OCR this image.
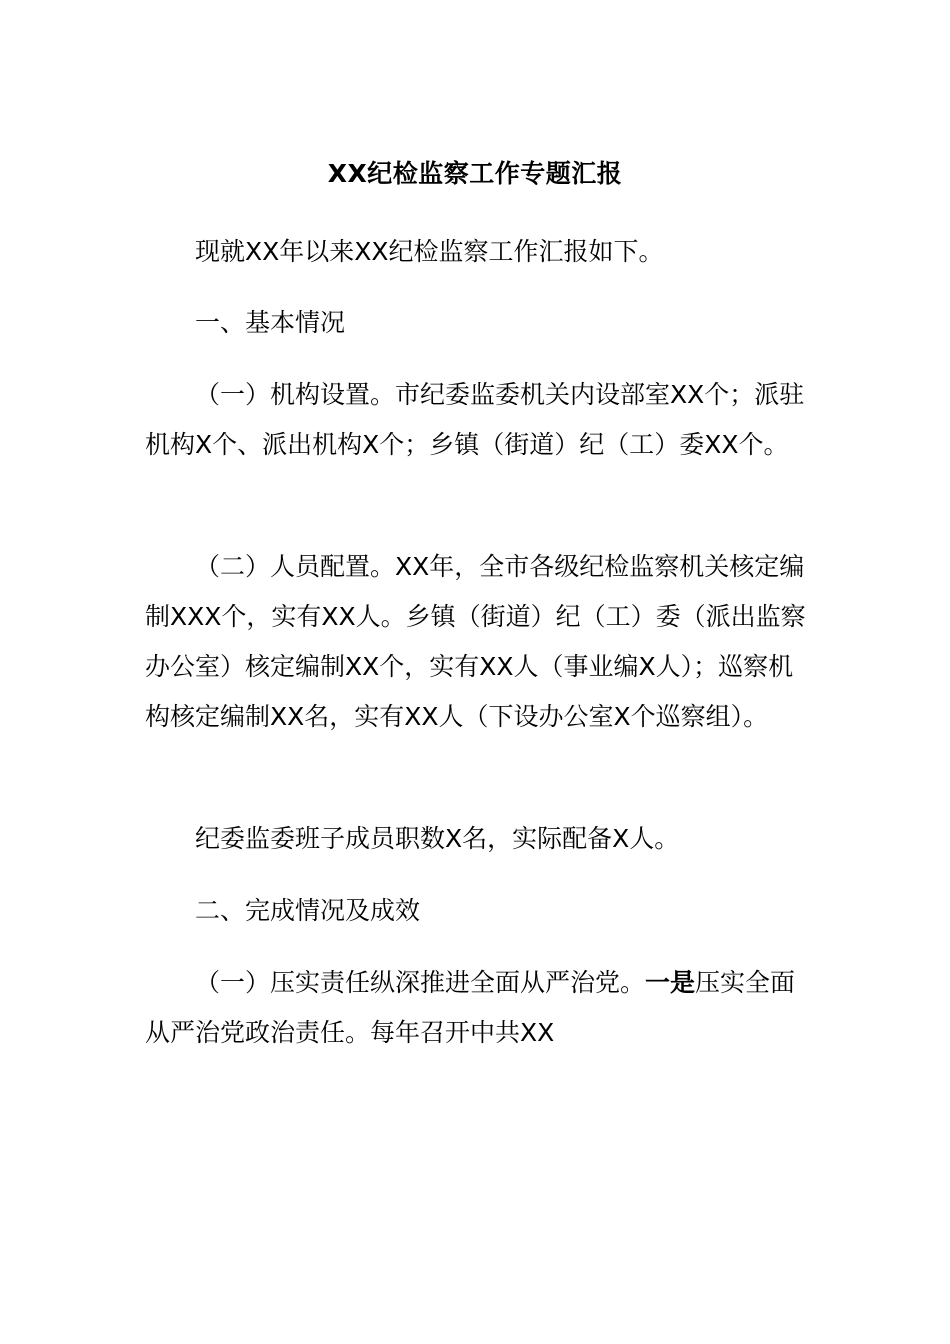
XX纪检监察工作专题汇报

现就XX年以来XX纪检监察工作汇报如下。

一、基本情况

（一）机构设置。市纪委监委机关内设部室XX个；派驻机构X个、派出机构X个；乡镇（街道）纪（工）委XX个。

（二）人员配置。XX年，全市各级纪检监察机关核定编制XXX个，实有XX人。乡镇（街道）纪（工）委（派出监察办公室）核定编制XX个，实有XX人（事业编X人）；巡察机构核定编制XX名，实有XX人（下设办公室X个巡察组）。

纪委监委班子成员职数X名，实际配备X人。

二、完成情况及成效

（一）压实责任纵深推进全面从严治党。一是压实全面从严治党政治责任。每年召开中共XX
